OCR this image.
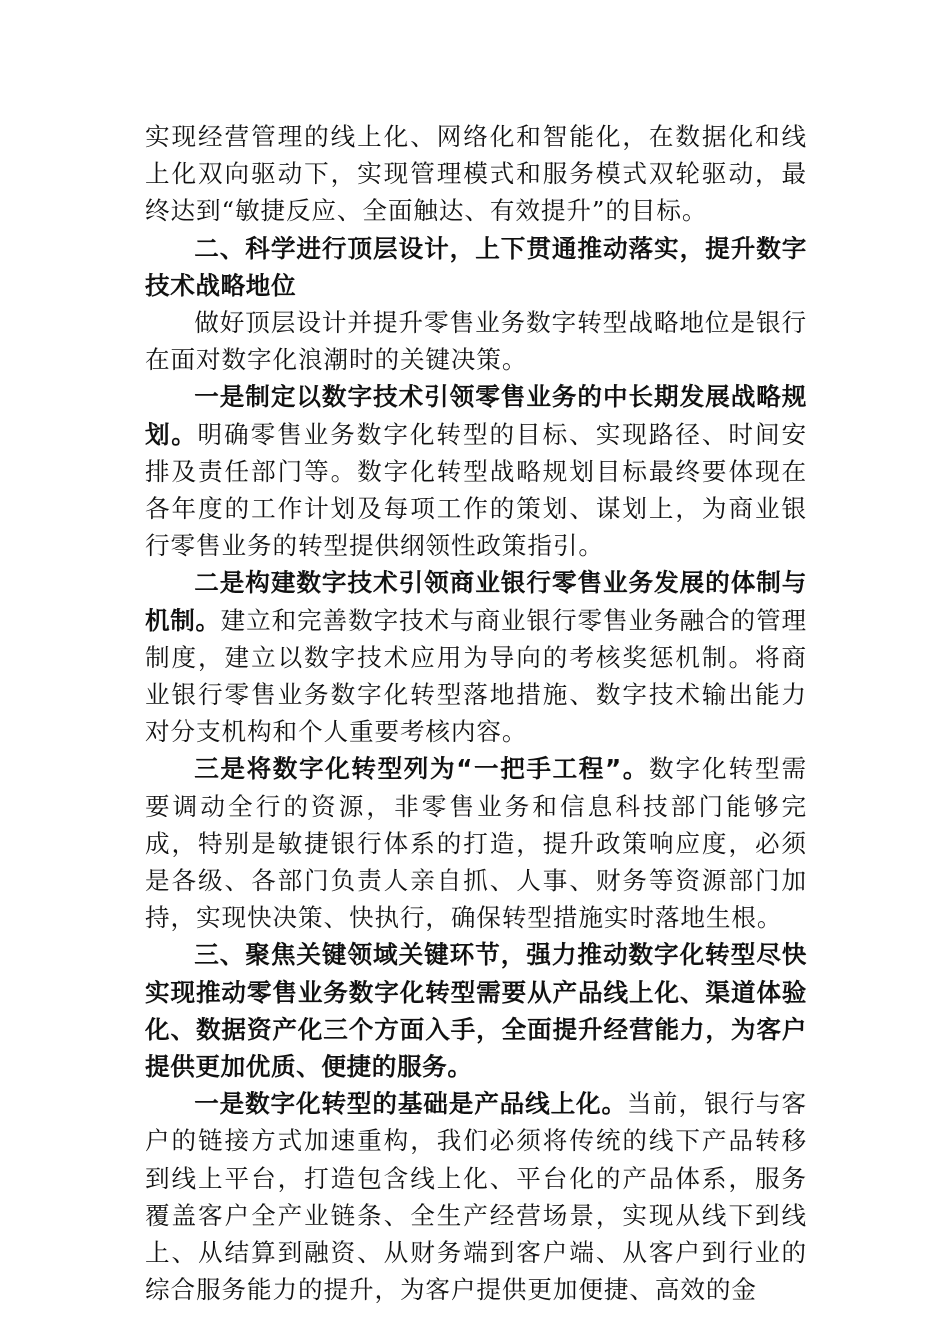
实现经营管理的线上化、网络化和智能化，在数据化和线上化双向驱动下，实现管理模式和服务模式双轮驱动，最终达到“敏捷反应、全面触达、有效提升”的目标。

二、科学进行顶层设计，上下贯通推动落实，提升数字技术战略地位

做好顶层设计并提升零售业务数字转型战略地位是银行在面对数字化浪潮时的关键决策。

一是制定以数字技术引领零售业务的中长期发展战略规划。明确零售业务数字化转型的目标、实现路径、时间安排及责任部门等。数字化转型战略规划目标最终要体现在各年度的工作计划及每项工作的策划、谋划上，为商业银行零售业务的转型提供纲领性政策指引。

二是构建数字技术引领商业银行零售业务发展的体制与机制。建立和完善数字技术与商业银行零售业务融合的管理制度，建立以数字技术应用为导向的考核奖惩机制。将商业银行零售业务数字化转型落地措施、数字技术输出能力对分支机构和个人重要考核内容。

三是将数字化转型列为“一把手工程”。数字化转型需要调动全行的资源，非零售业务和信息科技部门能够完成，特别是敏捷银行体系的打造，提升政策响应度，必须是各级、各部门负责人亲自抓、人事、财务等资源部门加持，实现快决策、快执行，确保转型措施实时落地生根。

三、聚焦关键领域关键环节，强力推动数字化转型尽快实现推动零售业务数字化转型需要从产品线上化、渠道体验化、数据资产化三个方面入手，全面提升经营能力，为客户提供更加优质、便捷的服务。

一是数字化转型的基础是产品线上化。当前，银行与客户的链接方式加速重构，我们必须将传统的线下产品转移到线上平台，打造包含线上化、平台化的产品体系，服务覆盖客户全产业链条、全生产经营场景，实现从线下到线上、从结算到融资、从财务端到客户端、从客户到行业的综合服务能力的提升，为客户提供更加便捷、高效的金
